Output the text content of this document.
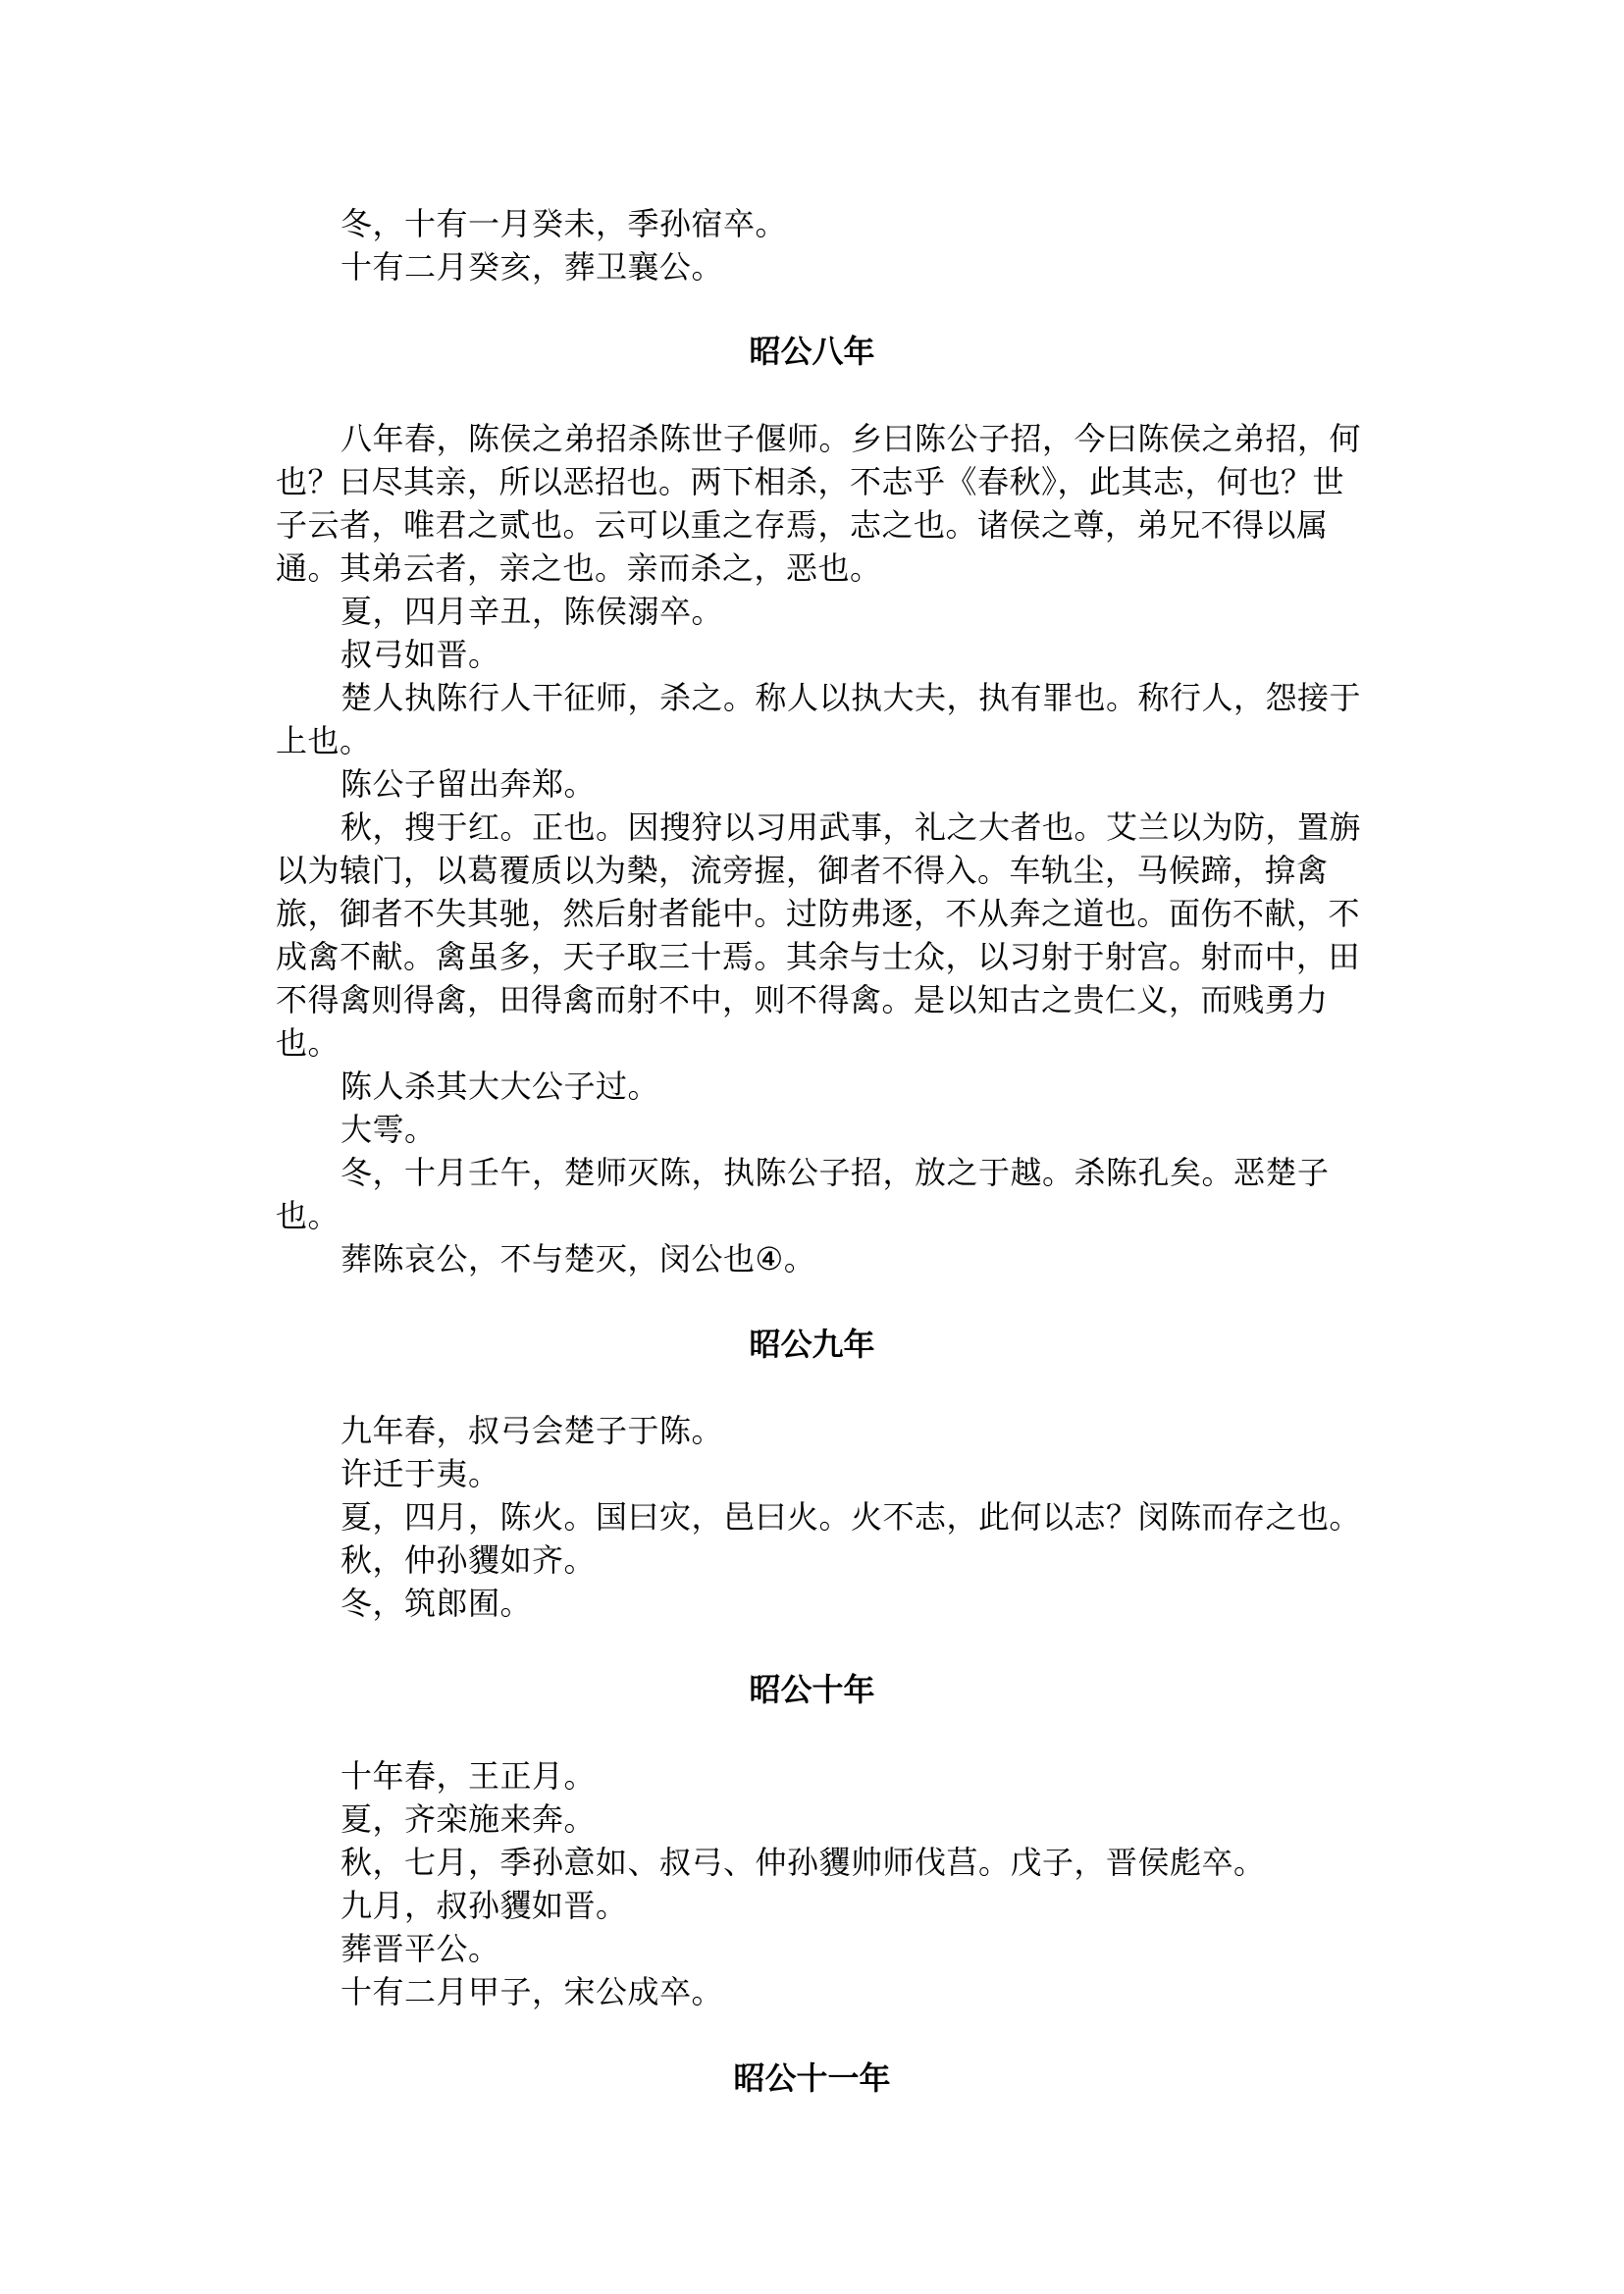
冬，十有一月癸未，季孙宿卒。

十有二月癸亥，葬卫襄公。

昭公八年

八年春，陈侯之弟招杀陈世子偃师。乡曰陈公子招，今曰陈侯之弟招，何也？曰尽其亲，所以恶招也。两下相杀，不志乎《春秋》，此其志，何也？世子云者，唯君之贰也。云可以重之存焉，志之也。诸侯之尊，弟兄不得以属通。其弟云者，亲之也。亲而杀之，恶也。

夏，四月辛丑，陈侯溺卒。

叔弓如晋。

楚人执陈行人干征师，杀之。称人以执大夫，执有罪也。称行人，怨接于上也。

陈公子留出奔郑。

秋，搜于红。正也。因搜狩以习用武事，礼之大者也。艾兰以为防，置旃以为辕门，以葛覆质以为槷，流旁握，御者不得入。车轨尘，马候蹄，揜禽旅，御者不失其驰，然后射者能中。过防弗逐，不从奔之道也。面伤不献，不成禽不献。禽虽多，天子取三十焉。其余与士众，以习射于射宫。射而中，田不得禽则得禽，田得禽而射不中，则不得禽。是以知古之贵仁义，而贱勇力也。

陈人杀其大大公子过。

大雩。

冬，十月壬午，楚师灭陈，执陈公子招，放之于越。杀陈孔矣。恶楚子也。

葬陈哀公，不与楚灭，闵公也④。

昭公九年

九年春，叔弓会楚子于陈。

许迁于夷。

夏，四月，陈火。国曰灾，邑曰火。火不志，此何以志？闵陈而存之也。

秋，仲孙貜如齐。

冬，筑郎囿。

昭公十年

十年春，王正月。

夏，齐栾施来奔。

秋，七月，季孙意如、叔弓、仲孙貜帅师伐莒。戊子，晋侯彪卒。

九月，叔孙貜如晋。

葬晋平公。

十有二月甲子，宋公成卒。

昭公十一年
